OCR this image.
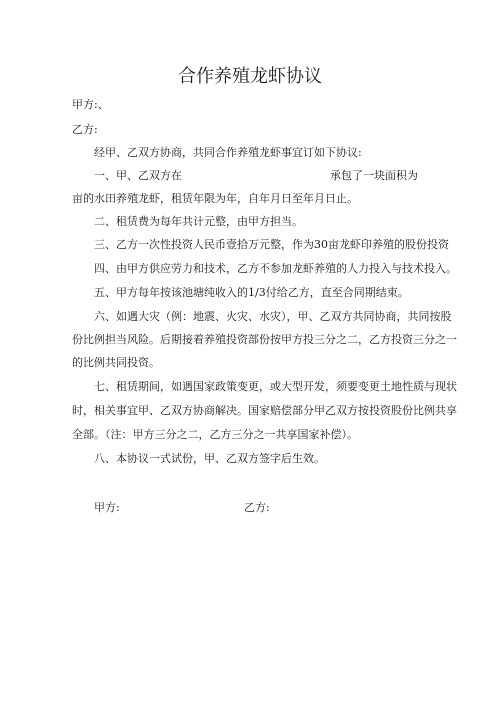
合作养殖龙虾协议
甲方:、
乙方:
经甲、乙双方协商，共同合作养殖龙虾事宜订如下协议:
一、甲、乙双方在	承包了一块面积为
亩的水田养殖龙虾，租赁年限为年，自年月日至年月日止。
二、租赁费为每年共计元整，由甲方担当。
三、乙方一次性投资人民币壹拾万元整，作为30亩龙虾印养殖的股份投资
四、由甲方供应劳力和技术，乙方不参加龙虾养殖的人力投入与技术投入。
五、甲方每年按该池塘纯收入的1/3付给乙方，直至合同期结束。
六、如遇大灾（例：地震、火灾、水灾），甲、乙双方共同协商，共同按股
份比例担当风险。后期接着养殖投资部份按甲方投三分之二，乙方投资三分之一
的比例共同投资。
七、租赁期间，如遇国家政策变更，或大型开发，须要变更土地性质与现状
时，相关事宜甲、乙双方协商解决。国家赔偿部分甲乙双方按投资股份比例共享
全部。（注：甲方三分之二，乙方三分之一共享国家补偿）。
八、本协议一式试份，甲、乙双方签字后生效。
甲方:	乙方:
